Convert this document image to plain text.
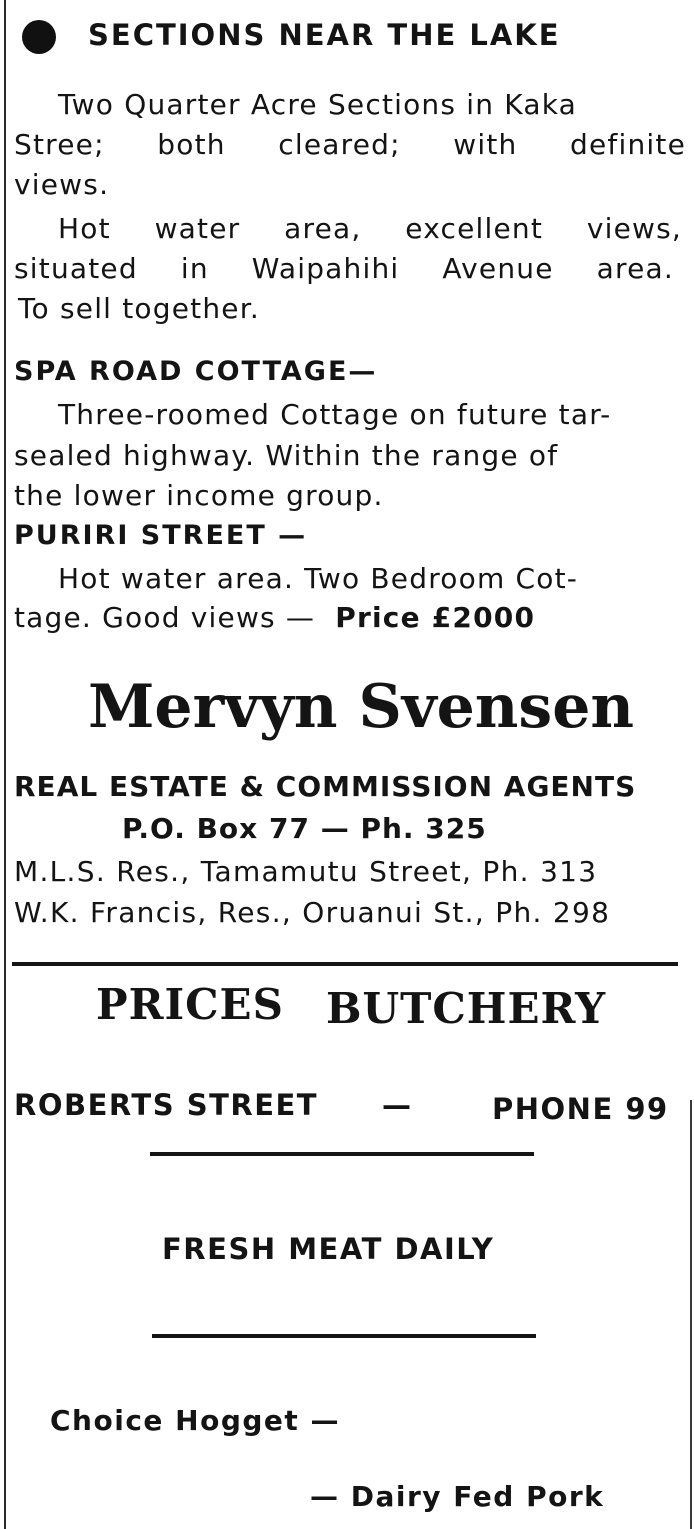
SECTIONS NEAR THE LAKE
Two Quarter Acre Sections in Kaka
Stree; both cleared; with definite
views.
Hot water area, excellent views,
situated in Waipahihi Avenue area.
To sell together.
SPA ROAD COTTAGE—
Three-roomed Cottage on future tar-
sealed highway. Within the range of
the lower income group.
PURIRI STREET —
Hot water area. Two Bedroom Cot-
tage. Good views — Price £2000
Mervyn Svensen
REAL ESTATE & COMMISSION AGENTS
P.O. Box 77 — Ph. 325
M.L.S. Res., Tamamutu Street, Ph. 313
W.K. Francis, Res., Oruanui St., Ph. 298
PRICES BUTCHERY
ROBERTS STREET —	PHONE 99
FRESH MEAT DAILY
Choice Hogget —
— Dairy Fed Pork
